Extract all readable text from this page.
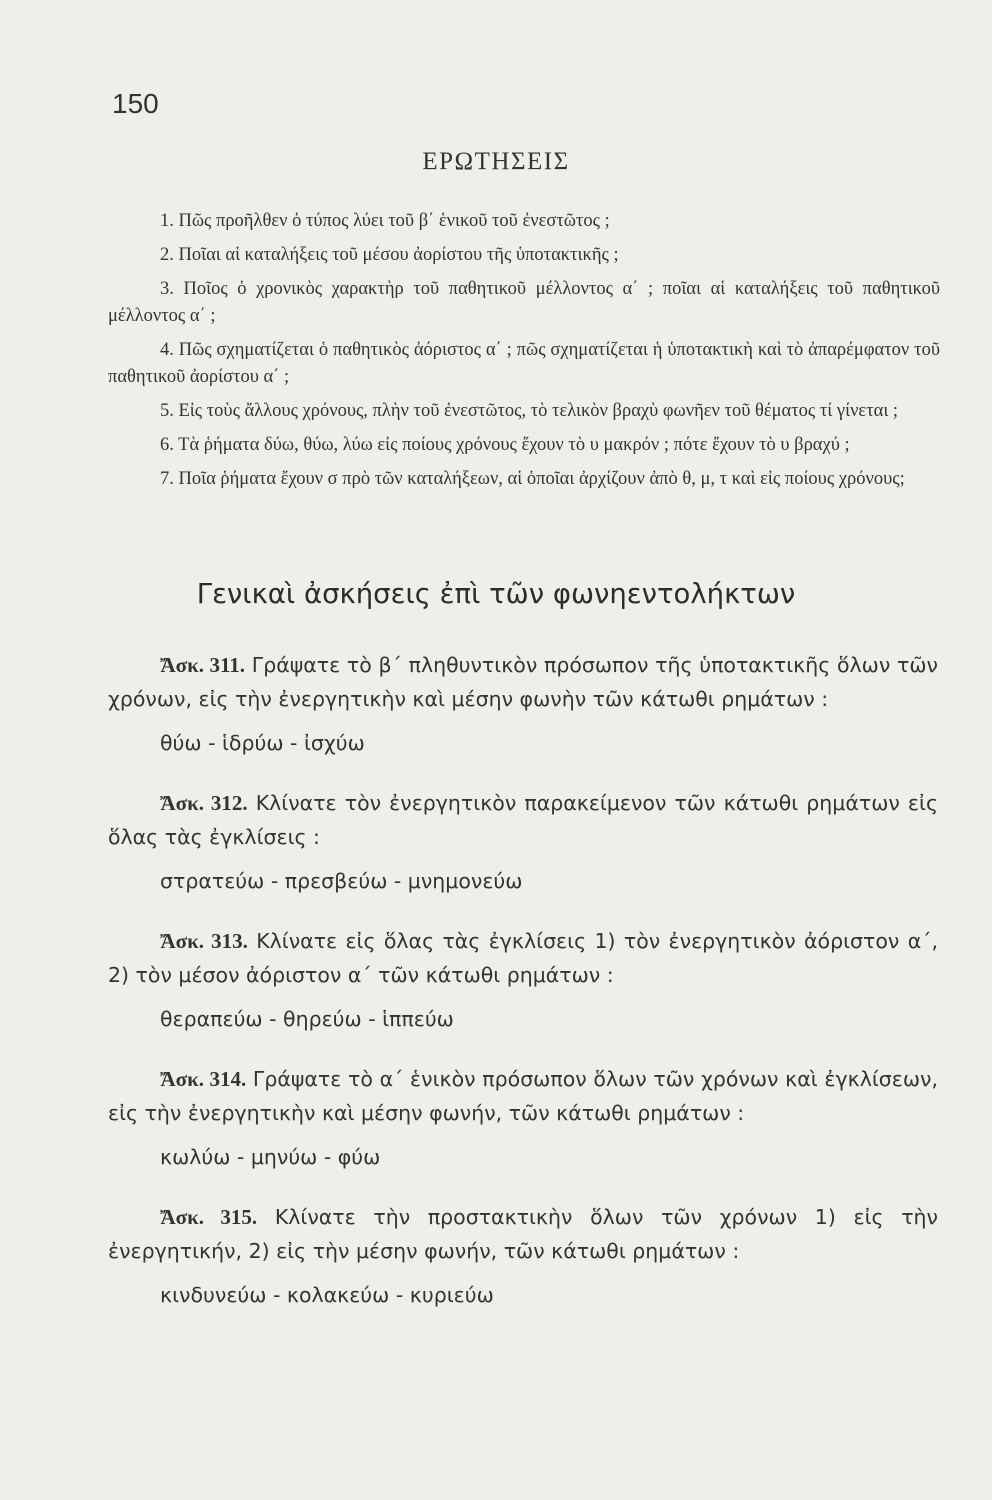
150
ΕΡΩΤΗΣΕΙΣ
1. Πῶς προῆλθεν ὁ τύπος λύει τοῦ β΄ ἑνικοῦ τοῦ ἐνεστῶτος ;
2. Ποῖαι αἱ καταλήξεις τοῦ μέσου ἀορίστου τῆς ὑποτακτικῆς ;
3. Ποῖος ὁ χρονικὸς χαρακτὴρ τοῦ παθητικοῦ μέλλοντος α΄ ; ποῖαι αἱ καταλήξεις τοῦ παθητικοῦ μέλλοντος α΄ ;
4. Πῶς σχηματίζεται ὁ παθητικὸς ἀόριστος α΄ ; πῶς σχηματίζεται ἡ ὑποτακτικὴ καὶ τὸ ἀπαρέμφατον τοῦ παθητικοῦ ἀορίστου α΄ ;
5. Εἰς τοὺς ἄλλους χρόνους, πλὴν τοῦ ἐνεστῶτος, τὸ τελικὸν βραχὺ φωνῆεν τοῦ θέματος τί γίνεται ;
6. Τὰ ῥήματα δύω, θύω, λύω εἰς ποίους χρόνους ἔχουν τὸ υ μακρόν ; πότε ἔχουν τὸ υ βραχύ ;
7. Ποῖα ῥήματα ἔχουν σ πρὸ τῶν καταλήξεων, αἱ ὁποῖαι ἀρχίζουν ἀπὸ θ, μ, τ καὶ εἰς ποίους χρόνους;
Γενικαὶ ἀσκήσεις ἐπὶ τῶν φωνηεντολήκτων
Ἄσκ. 311. Γράψατε τὸ β΄ πληθυντικὸν πρόσωπον τῆς ὑποτακτικῆς ὅλων τῶν χρόνων, εἰς τὴν ἐνεργητικὴν καὶ μέσην φωνὴν τῶν κάτωθι ρημάτων :
θύω - ἱδρύω - ἰσχύω
Ἄσκ. 312. Κλίνατε τὸν ἐνεργητικὸν παρακείμενον τῶν κάτωθι ρημάτων εἰς ὅλας τὰς ἐγκλίσεις :
στρατεύω - πρεσβεύω - μνημονεύω
Ἄσκ. 313. Κλίνατε εἰς ὅλας τὰς ἐγκλίσεις 1) τὸν ἐνεργητικὸν ἀόριστον α΄, 2) τὸν μέσον ἀόριστον α΄ τῶν κάτωθι ρημάτων :
θεραπεύω - θηρεύω - ἱππεύω
Ἄσκ. 314. Γράψατε τὸ α΄ ἑνικὸν πρόσωπον ὅλων τῶν χρόνων καὶ ἐγκλίσεων, εἰς τὴν ἐνεργητικὴν καὶ μέσην φωνήν, τῶν κάτωθι ρημάτων :
κωλύω - μηνύω - φύω
Ἄσκ. 315. Κλίνατε τὴν προστακτικὴν ὅλων τῶν χρόνων 1) εἰς τὴν ἐνεργητικήν, 2) εἰς τὴν μέσην φωνήν, τῶν κάτωθι ρημάτων :
κινδυνεύω - κολακεύω - κυριεύω
